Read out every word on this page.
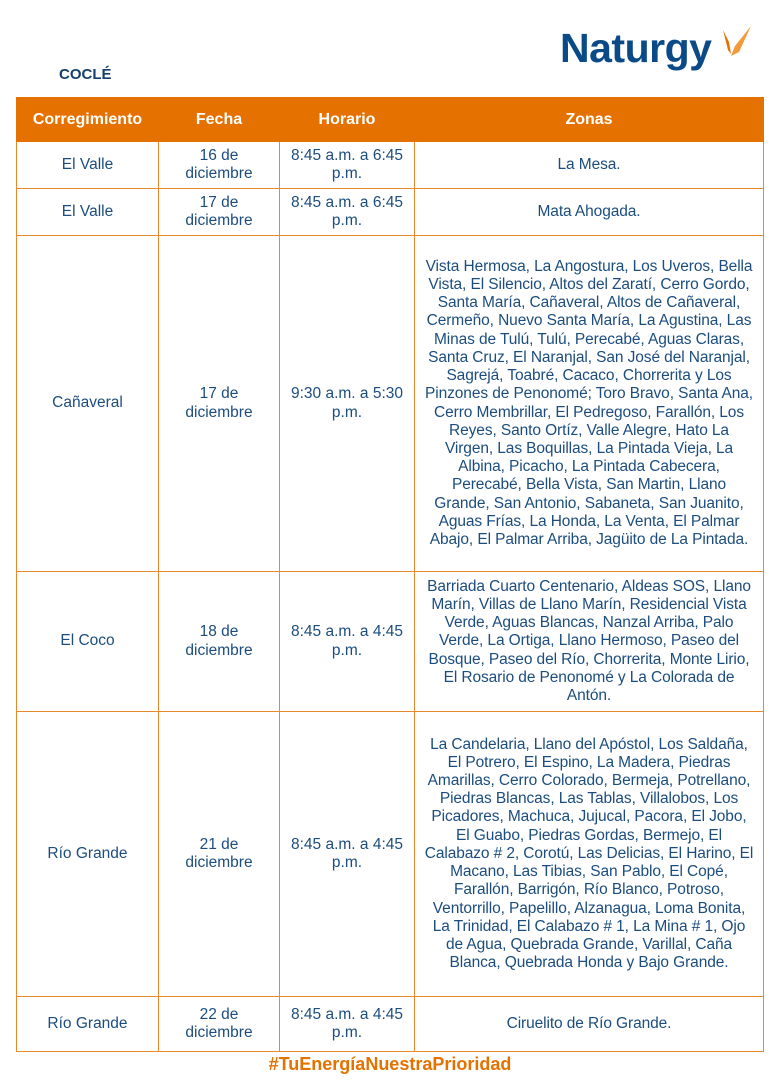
COCLÉ
Naturgy
Corregimiento	Fecha	Horario	Zonas
El Valle	16 de diciembre	8:45 a.m. a 6:45 p.m.	La Mesa.
El Valle	17 de diciembre	8:45 a.m. a 6:45 p.m.	Mata Ahogada.
Cañaveral	17 de diciembre	9:30 a.m. a 5:30 p.m.	Vista Hermosa, La Angostura, Los Uveros, Bella Vista, El Silencio, Altos del Zaratí, Cerro Gordo, Santa María, Cañaveral, Altos de Cañaveral, Cermeño, Nuevo Santa María, La Agustina, Las Minas de Tulú, Tulú, Perecabé, Aguas Claras, Santa Cruz, El Naranjal, San José del Naranjal, Sagrejá, Toabré, Cacaco, Chorrerita y Los Pinzones de Penonomé; Toro Bravo, Santa Ana, Cerro Membrillar, El Pedregoso, Farallón, Los Reyes, Santo Ortíz, Valle Alegre, Hato La Virgen, Las Boquillas, La Pintada Vieja, La Albina, Picacho, La Pintada Cabecera, Perecabé, Bella Vista, San Martin, Llano Grande, San Antonio, Sabaneta, San Juanito, Aguas Frías, La Honda, La Venta, El Palmar Abajo, El Palmar Arriba, Jagüito de La Pintada.
El Coco	18 de diciembre	8:45 a.m. a 4:45 p.m.	Barriada Cuarto Centenario, Aldeas SOS, Llano Marín, Villas de Llano Marín, Residencial Vista Verde, Aguas Blancas, Nanzal Arriba, Palo Verde, La Ortiga, Llano Hermoso, Paseo del Bosque, Paseo del Río, Chorrerita, Monte Lirio, El Rosario de Penonomé y La Colorada de Antón.
Río Grande	21 de diciembre	8:45 a.m. a 4:45 p.m.	La Candelaria, Llano del Apóstol, Los Saldaña, El Potrero, El Espino, La Madera, Piedras Amarillas, Cerro Colorado, Bermeja, Potrellano, Piedras Blancas, Las Tablas, Villalobos, Los Picadores, Machuca, Jujucal, Pacora, El Jobo, El Guabo, Piedras Gordas, Bermejo, El Calabazo # 2, Corotú, Las Delicias, El Harino, El Macano, Las Tibias, San Pablo, El Copé, Farallón, Barrigón, Río Blanco, Potroso, Ventorrillo, Papelillo, Alzanagua, Loma Bonita, La Trinidad, El Calabazo # 1, La Mina # 1, Ojo de Agua, Quebrada Grande, Varillal, Caña Blanca, Quebrada Honda y Bajo Grande.
Río Grande	22 de diciembre	8:45 a.m. a 4:45 p.m.	Ciruelito de Río Grande.
#TuEnergíaNuestraPrioridad
